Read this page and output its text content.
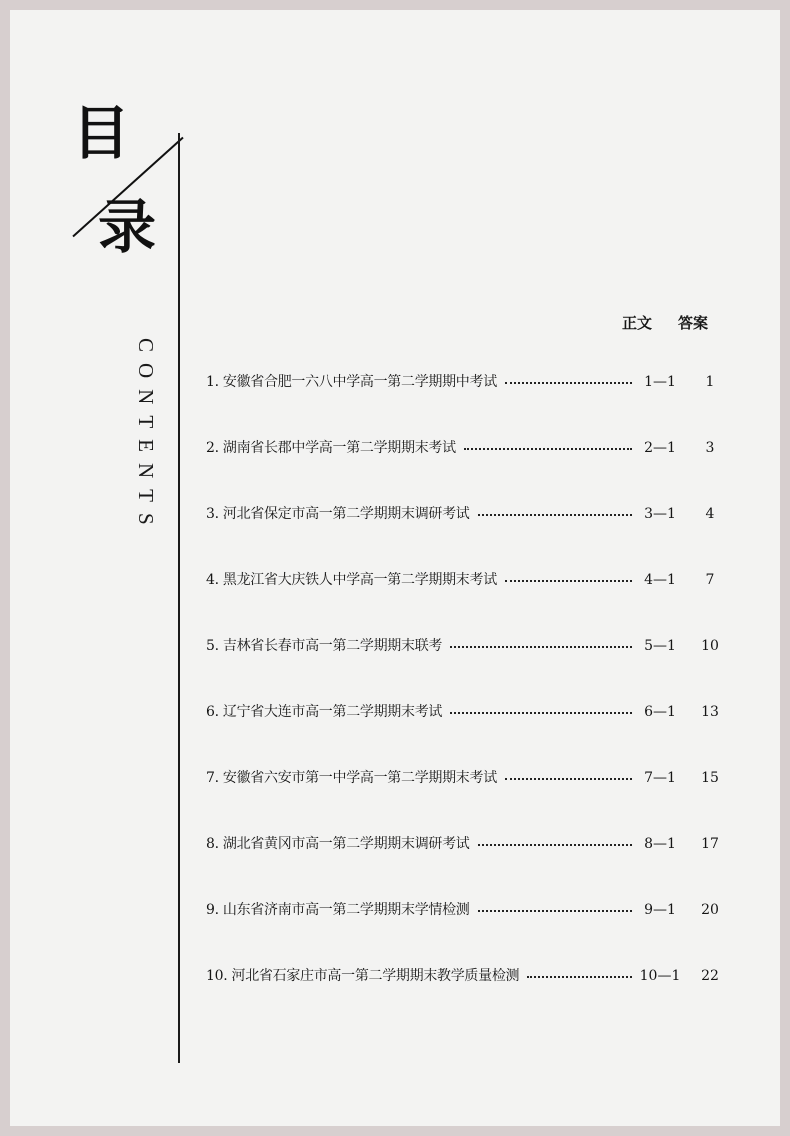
目
录
CONTENTS
正文 答案
1. 安徽省合肥一六八中学高一第二学期期中考试	1—1	1
2. 湖南省长郡中学高一第二学期期末考试	2—1	3
3. 河北省保定市高一第二学期期末调研考试	3—1	4
4. 黑龙江省大庆铁人中学高一第二学期期末考试	4—1	7
5. 吉林省长春市高一第二学期期末联考	5—1	10
6. 辽宁省大连市高一第二学期期末考试	6—1	13
7. 安徽省六安市第一中学高一第二学期期末考试	7—1	15
8. 湖北省黄冈市高一第二学期期末调研考试	8—1	17
9. 山东省济南市高一第二学期期末学情检测	9—1	20
10. 河北省石家庄市高一第二学期期末教学质量检测	10—1	22
